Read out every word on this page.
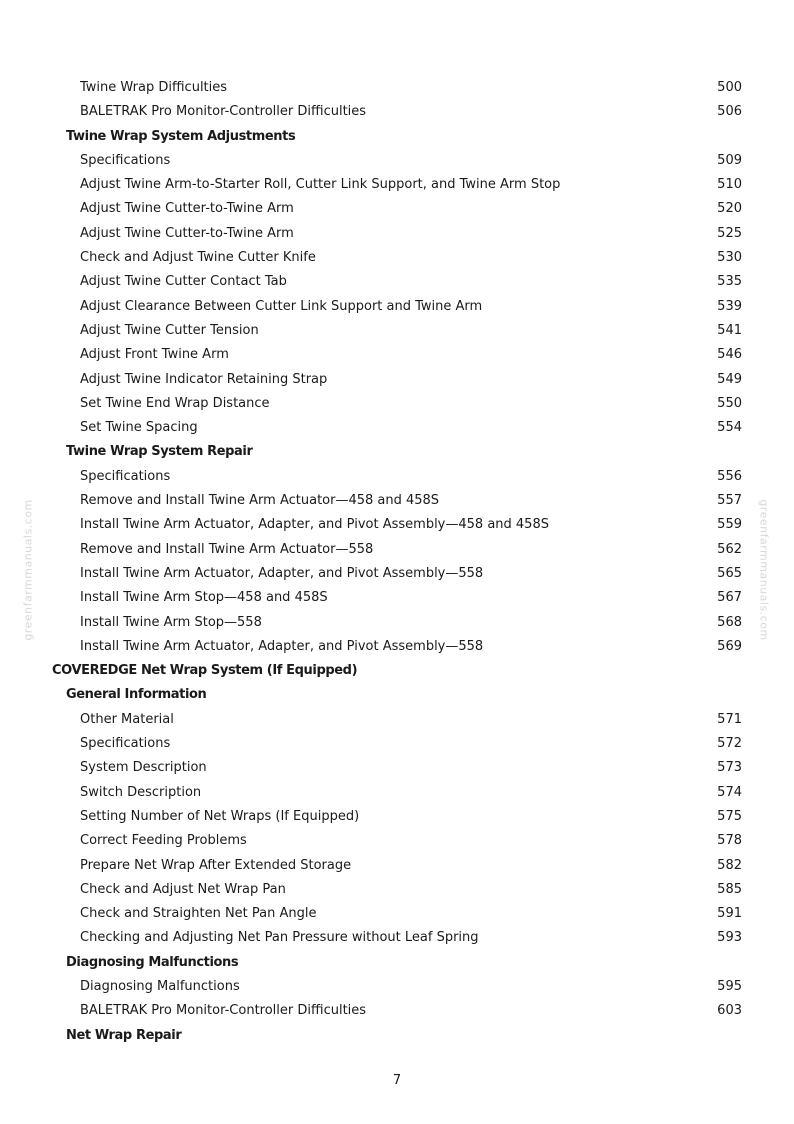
Twine Wrap Difficulties	500
BALETRAK Pro Monitor-Controller Difficulties	506
Twine Wrap System Adjustments
Specifications	509
Adjust Twine Arm-to-Starter Roll, Cutter Link Support, and Twine Arm Stop	510
Adjust Twine Cutter-to-Twine Arm	520
Adjust Twine Cutter-to-Twine Arm	525
Check and Adjust Twine Cutter Knife	530
Adjust Twine Cutter Contact Tab	535
Adjust Clearance Between Cutter Link Support and Twine Arm	539
Adjust Twine Cutter Tension	541
Adjust Front Twine Arm	546
Adjust Twine Indicator Retaining Strap	549
Set Twine End Wrap Distance	550
Set Twine Spacing	554
Twine Wrap System Repair
Specifications	556
Remove and Install Twine Arm Actuator—458 and 458S	557
Install Twine Arm Actuator, Adapter, and Pivot Assembly—458 and 458S	559
Remove and Install Twine Arm Actuator—558	562
Install Twine Arm Actuator, Adapter, and Pivot Assembly—558	565
Install Twine Arm Stop—458 and 458S	567
Install Twine Arm Stop—558	568
Install Twine Arm Actuator, Adapter, and Pivot Assembly—558	569
COVEREDGE Net Wrap System (If Equipped)
General Information
Other Material	571
Specifications	572
System Description	573
Switch Description	574
Setting Number of Net Wraps (If Equipped)	575
Correct Feeding Problems	578
Prepare Net Wrap After Extended Storage	582
Check and Adjust Net Wrap Pan	585
Check and Straighten Net Pan Angle	591
Checking and Adjusting Net Pan Pressure without Leaf Spring	593
Diagnosing Malfunctions
Diagnosing Malfunctions	595
BALETRAK Pro Monitor-Controller Difficulties	603
Net Wrap Repair
7
greenfarmmanuals.com	greenfarmmanuals.com
